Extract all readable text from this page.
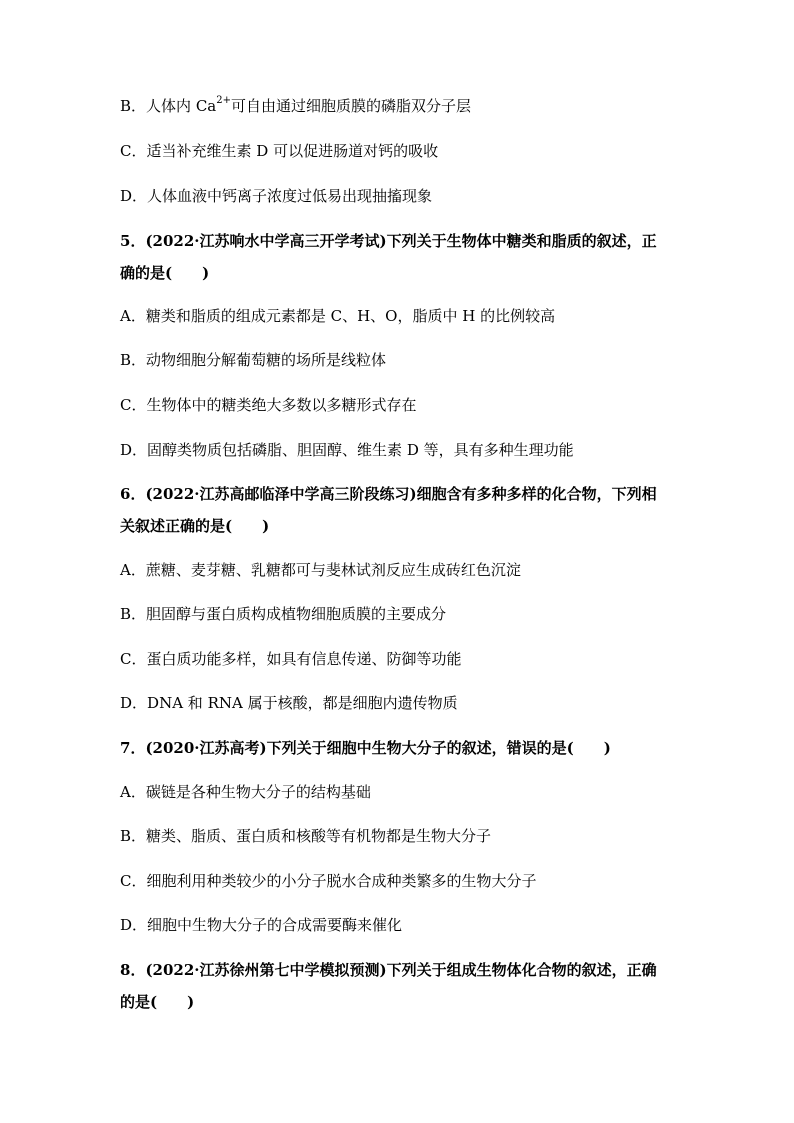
B．人体内 $Ca^{2+}$可自由通过细胞质膜的磷脂双分子层
C．适当补充维生素 D 可以促进肠道对钙的吸收
D．人体血液中钙离子浓度过低易出现抽搐现象
5．(2022·江苏响水中学高三开学考试)下列关于生物体中糖类和脂质的叙述，正
确的是(　　)
A．糖类和脂质的组成元素都是 C、H、O，脂质中 H 的比例较高
B．动物细胞分解葡萄糖的场所是线粒体
C．生物体中的糖类绝大多数以多糖形式存在
D．固醇类物质包括磷脂、胆固醇、维生素 D 等，具有多种生理功能
6．(2022·江苏高邮临泽中学高三阶段练习)细胞含有多种多样的化合物，下列相
关叙述正确的是(　　)
A．蔗糖、麦芽糖、乳糖都可与斐林试剂反应生成砖红色沉淀
B．胆固醇与蛋白质构成植物细胞质膜的主要成分
C．蛋白质功能多样，如具有信息传递、防御等功能
D．DNA 和 RNA 属于核酸，都是细胞内遗传物质
7．(2020·江苏高考)下列关于细胞中生物大分子的叙述，错误的是(　　)
A．碳链是各种生物大分子的结构基础
B．糖类、脂质、蛋白质和核酸等有机物都是生物大分子
C．细胞利用种类较少的小分子脱水合成种类繁多的生物大分子
D．细胞中生物大分子的合成需要酶来催化
8．(2022·江苏徐州第七中学模拟预测)下列关于组成生物体化合物的叙述，正确
的是(　　)
